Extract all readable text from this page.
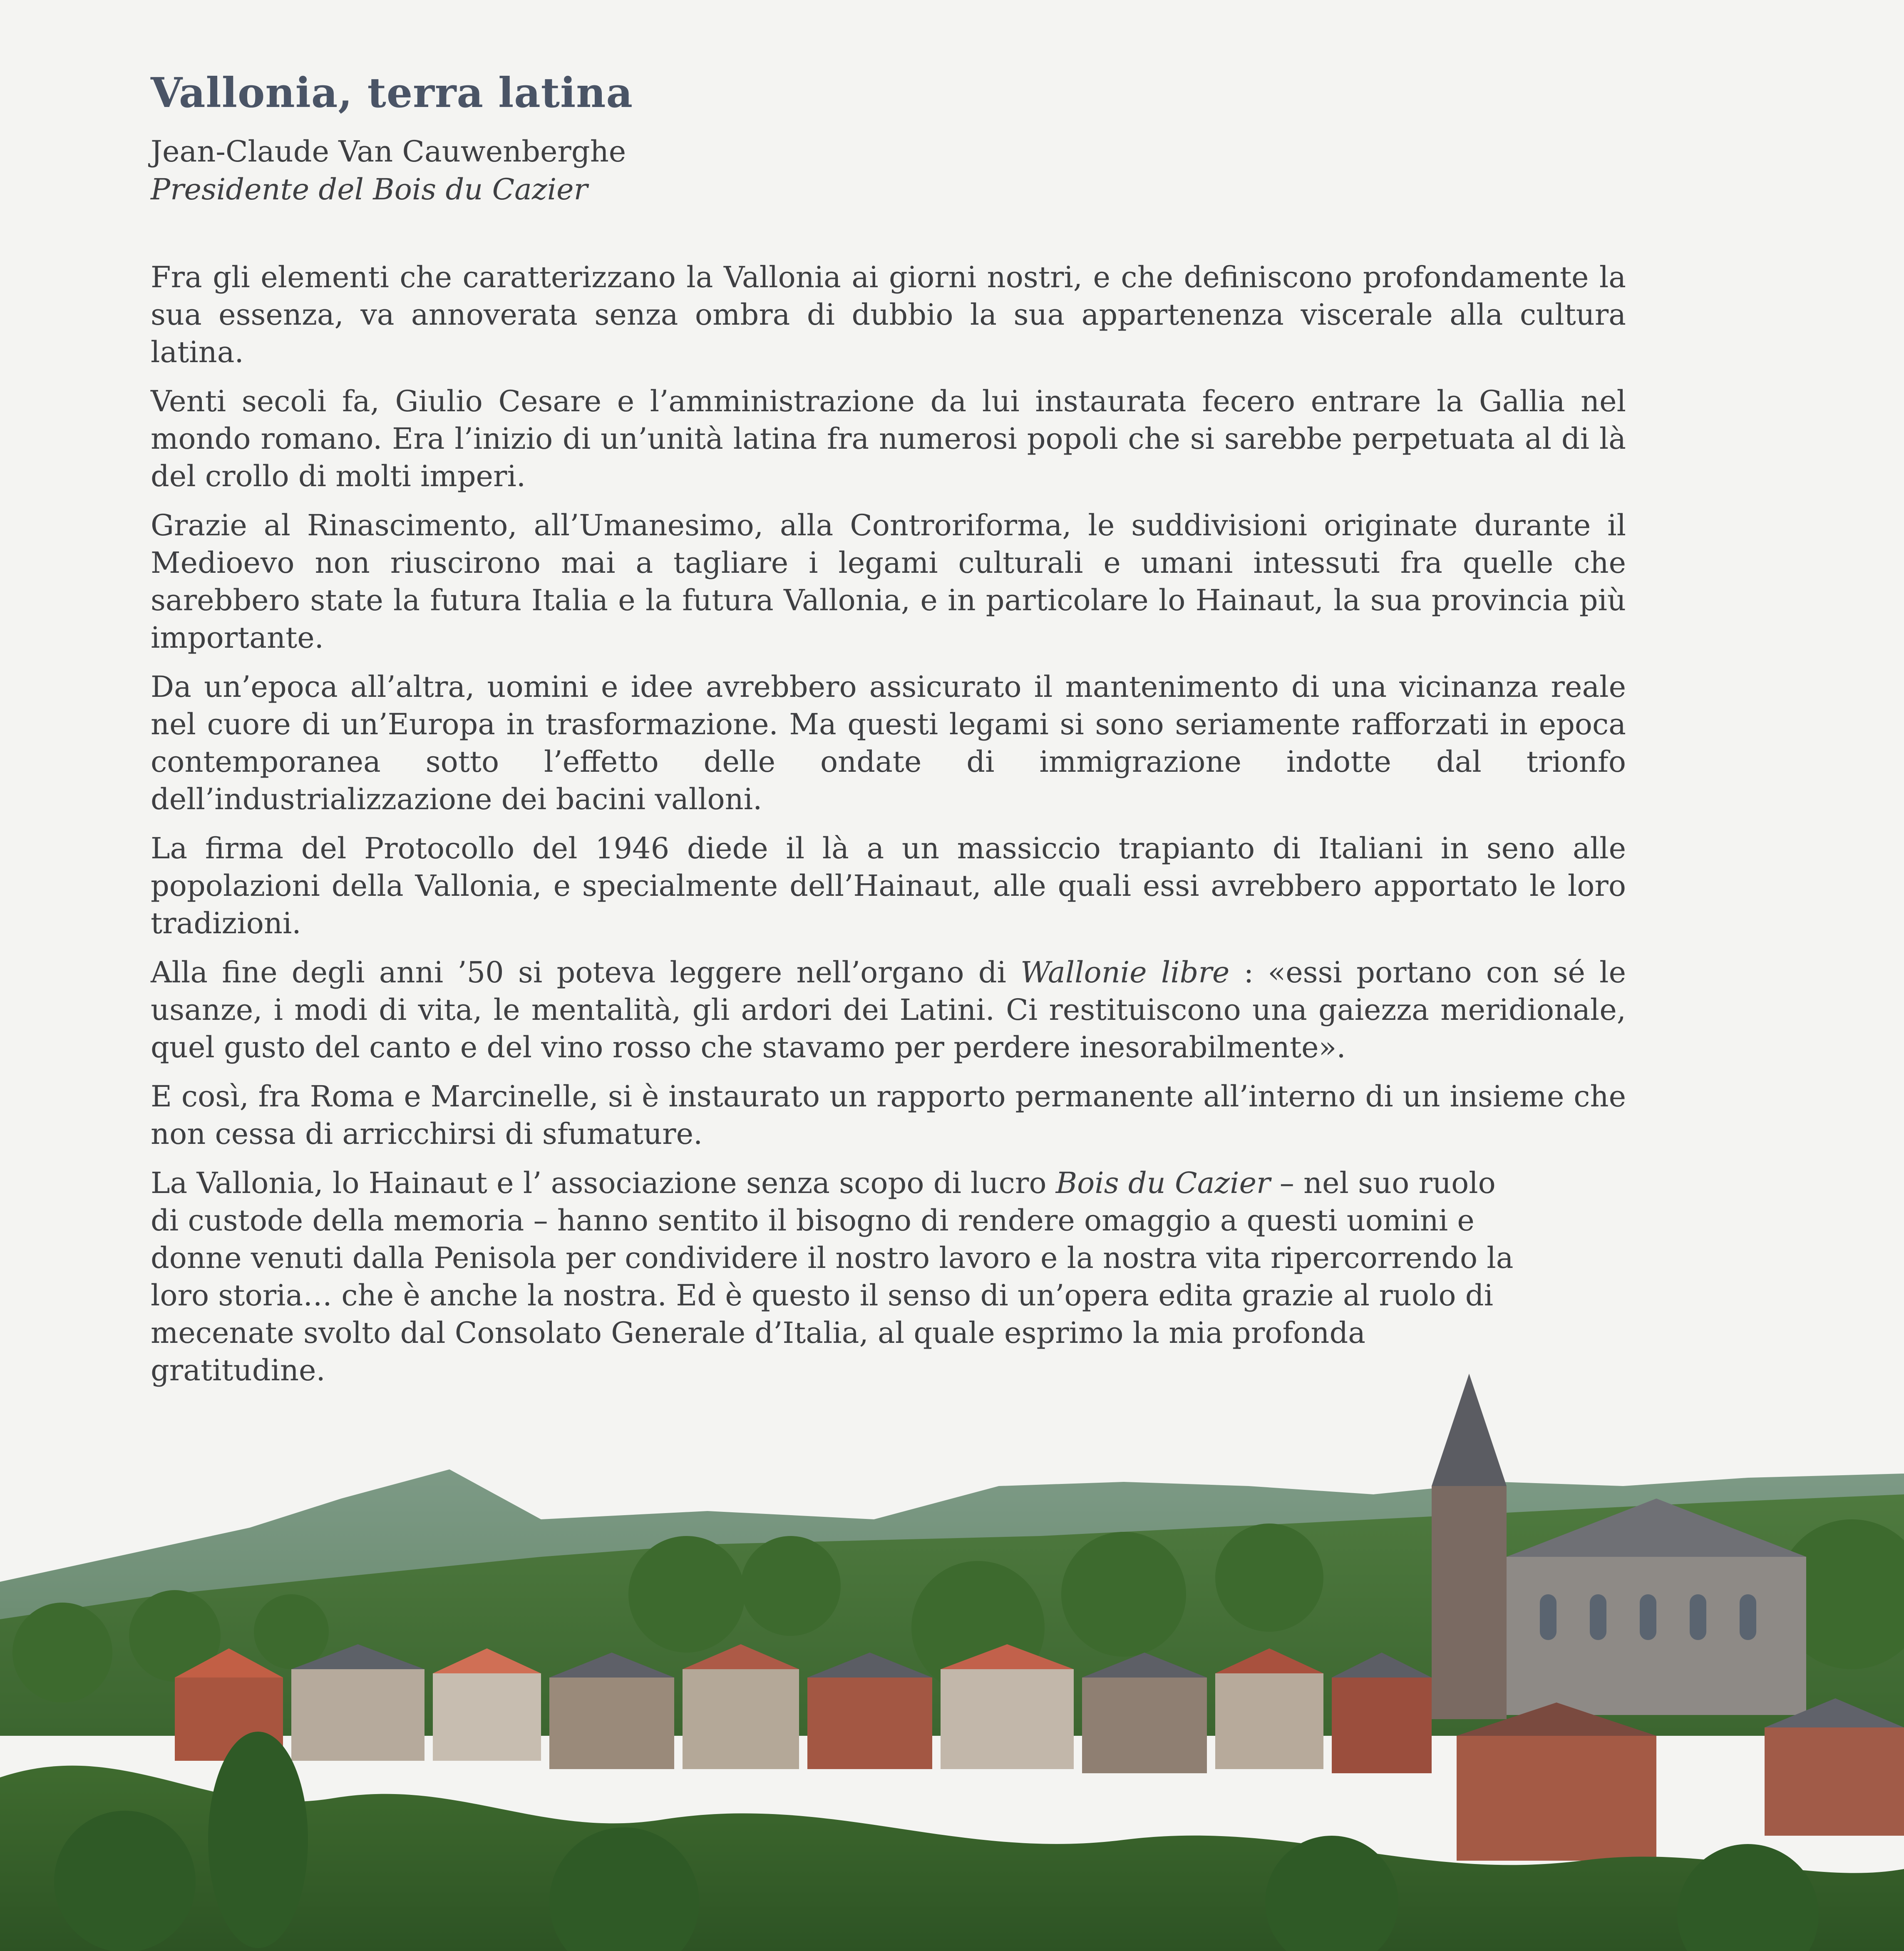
Vallonia, terra latina

Jean-Claude Van Cauwenberghe

Presidente del Bois du Cazier

Fra gli elementi che caratterizzano la Vallonia ai giorni nostri, e che definiscono profondamente la sua essenza, va annoverata senza ombra di dubbio la sua appartenenza viscerale alla cultura latina.

Venti secoli fa, Giulio Cesare e l’amministrazione da lui instaurata fecero entrare la Gallia nel mondo romano. Era l’inizio di un’unità latina fra numerosi popoli che si sarebbe perpetuata al di là del crollo di molti imperi.

Grazie al Rinascimento, all’Umanesimo, alla Controriforma, le suddivisioni originate durante il Medioevo non riuscirono mai a tagliare i legami culturali e umani intessuti fra quelle che sarebbero state la futura Italia e la futura Vallonia, e in particolare lo Hainaut, la sua provincia più importante.

Da un’epoca all’altra, uomini e idee avrebbero assicurato il mantenimento di una vicinanza reale nel cuore di un’Europa in trasformazione. Ma questi legami si sono seriamente rafforzati in epoca contemporanea sotto l’effetto delle ondate di immigrazione indotte dal trionfo dell’industrializzazione dei bacini valloni.

La firma del Protocollo del 1946 diede il là a un massiccio trapianto di Italiani in seno alle popolazioni della Vallonia, e specialmente dell’Hainaut, alle quali essi avrebbero apportato le loro tradizioni.

Alla fine degli anni ’50 si poteva leggere nell’organo di Wallonie libre : «essi portano con sé le usanze, i modi di vita, le mentalità, gli ardori dei Latini. Ci restituiscono una gaiezza meridionale, quel gusto del canto e del vino rosso che stavamo per perdere inesorabilmente».

E così, fra Roma e Marcinelle, si è instaurato un rapporto permanente all’interno di un insieme che non cessa di arricchirsi di sfumature.

La Vallonia, lo Hainaut e l’ associazione senza scopo di lucro Bois du Cazier – nel suo ruolo di custode della memoria – hanno sentito il bisogno di rendere omaggio a questi uomini e donne venuti dalla Penisola per condividere il nostro lavoro e la nostra vita ripercorrendo la loro storia… che è anche la nostra. Ed è questo il senso di un’opera edita grazie al ruolo di mecenate svolto dal Consolato Generale d’Italia, al quale esprimo la mia profonda gratitudine.
